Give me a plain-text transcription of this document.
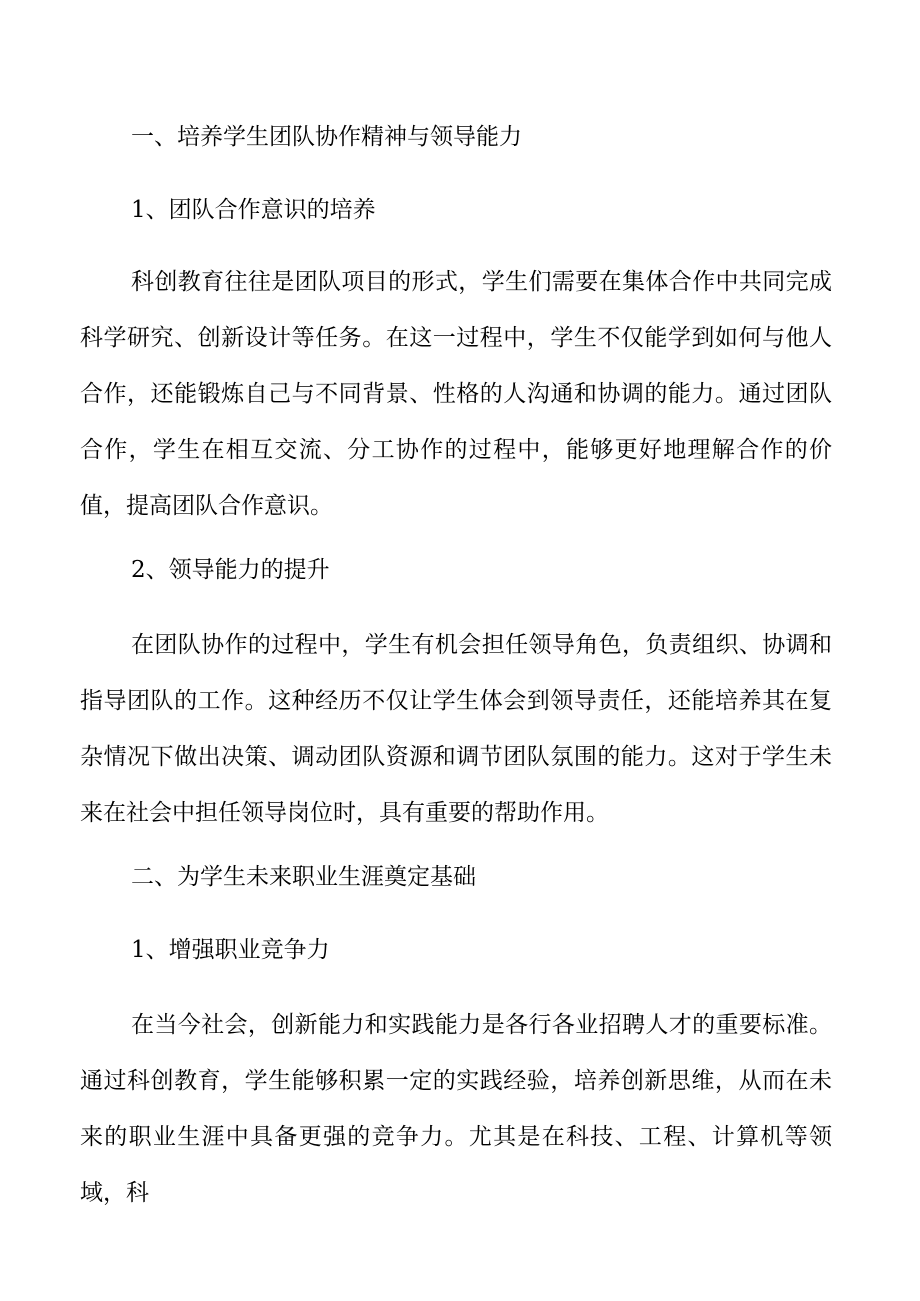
一、培养学生团队协作精神与领导能力
1、团队合作意识的培养

科创教育往往是团队项目的形式，学生们需要在集体合作中共同完成科学研究、创新设计等任务。在这一过程中，学生不仅能学到如何与他人合作，还能锻炼自己与不同背景、性格的人沟通和协调的能力。通过团队合作，学生在相互交流、分工协作的过程中，能够更好地理解合作的价值，提高团队合作意识。

2、领导能力的提升

在团队协作的过程中，学生有机会担任领导角色，负责组织、协调和指导团队的工作。这种经历不仅让学生体会到领导责任，还能培养其在复杂情况下做出决策、调动团队资源和调节团队氛围的能力。这对于学生未来在社会中担任领导岗位时，具有重要的帮助作用。

二、为学生未来职业生涯奠定基础
1、增强职业竞争力

在当今社会，创新能力和实践能力是各行各业招聘人才的重要标准。通过科创教育，学生能够积累一定的实践经验，培养创新思维，从而在未来的职业生涯中具备更强的竞争力。尤其是在科技、工程、计算机等领域，科
